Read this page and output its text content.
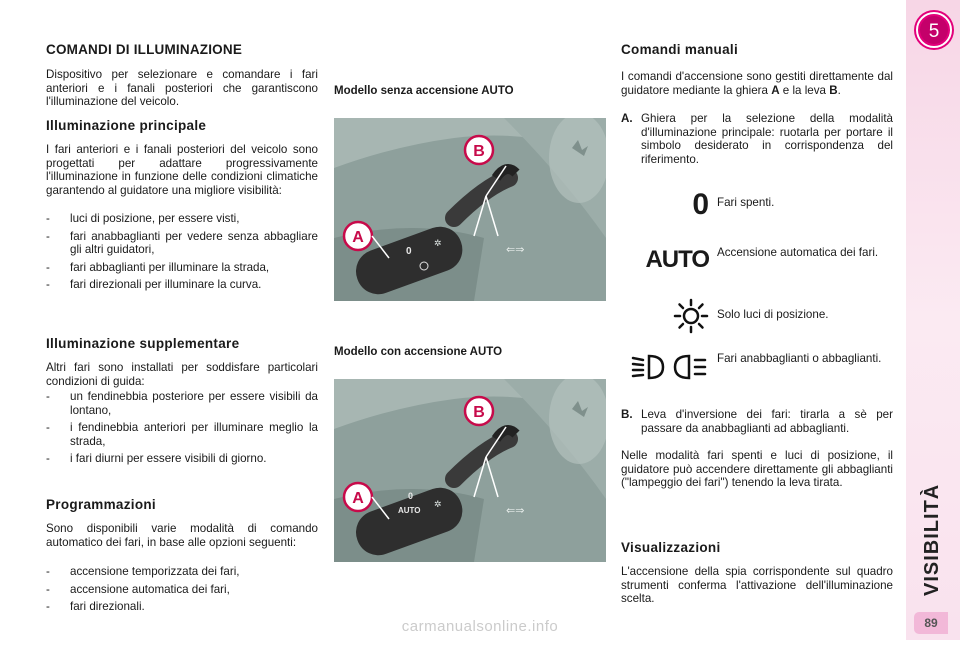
COMANDI DI ILLUMINAZIONE

Dispositivo per selezionare e comandare i fari anteriori e i fanali posteriori che garantiscono l'illuminazione del veicolo.

Illuminazione principale

I fari anteriori e i fanali posteriori del veicolo sono progettati per adattare progressivamente l'illuminazione in funzione delle condizioni climatiche garantendo al guidatore una migliore visibilità:

- luci di posizione, per essere visti,
- fari anabbaglianti per vedere senza abbagliare gli altri guidatori,
- fari abbaglianti per illuminare la strada,
- fari direzionali per illuminare la curva.
Illuminazione supplementare

Altri fari sono installati per soddisfare particolari condizioni di guida:

- un fendinebbia posteriore per essere visibili da lontano,
- i fendinebbia anteriori per illuminare meglio la strada,
- i fari diurni per essere visibili di giorno.
Programmazioni

Sono disponibili varie modalità di comando automatico dei fari, in base alle opzioni seguenti:

- accensione temporizzata dei fari,
- accensione automatica dei fari,
- fari direzionali.
Modello senza accensione AUTO
B
A
0
✲
⇐⇒
Modello con accensione AUTO
B
A	0
AUTO
✲
⇐⇒
Comandi manuali

I comandi d'accensione sono gestiti direttamente dal guidatore mediante la ghiera A e la leva B.

A. Ghiera per la selezione della modalità d'illuminazione principale: ruotarla per portare il simbolo desiderato in corrispondenza del riferimento.
0 Fari spenti.
AUTO Accensione automatica dei fari.
Solo luci di posizione.
Fari anabbaglianti o abbaglianti.
B. Leva d'inversione dei fari: tirarla a sè per passare da anabbaglianti ad abbaglianti.

Nelle modalità fari spenti e luci di posizione, il guidatore può accendere direttamente gli abbaglianti ("lampeggio dei fari") tenendo la leva tirata.

Visualizzazioni

L'accensione della spia corrispondente sul quadro strumenti conferma l'attivazione dell'illuminazione scelta.

5
VISIBILITÀ
89
carmanualsonline.info
